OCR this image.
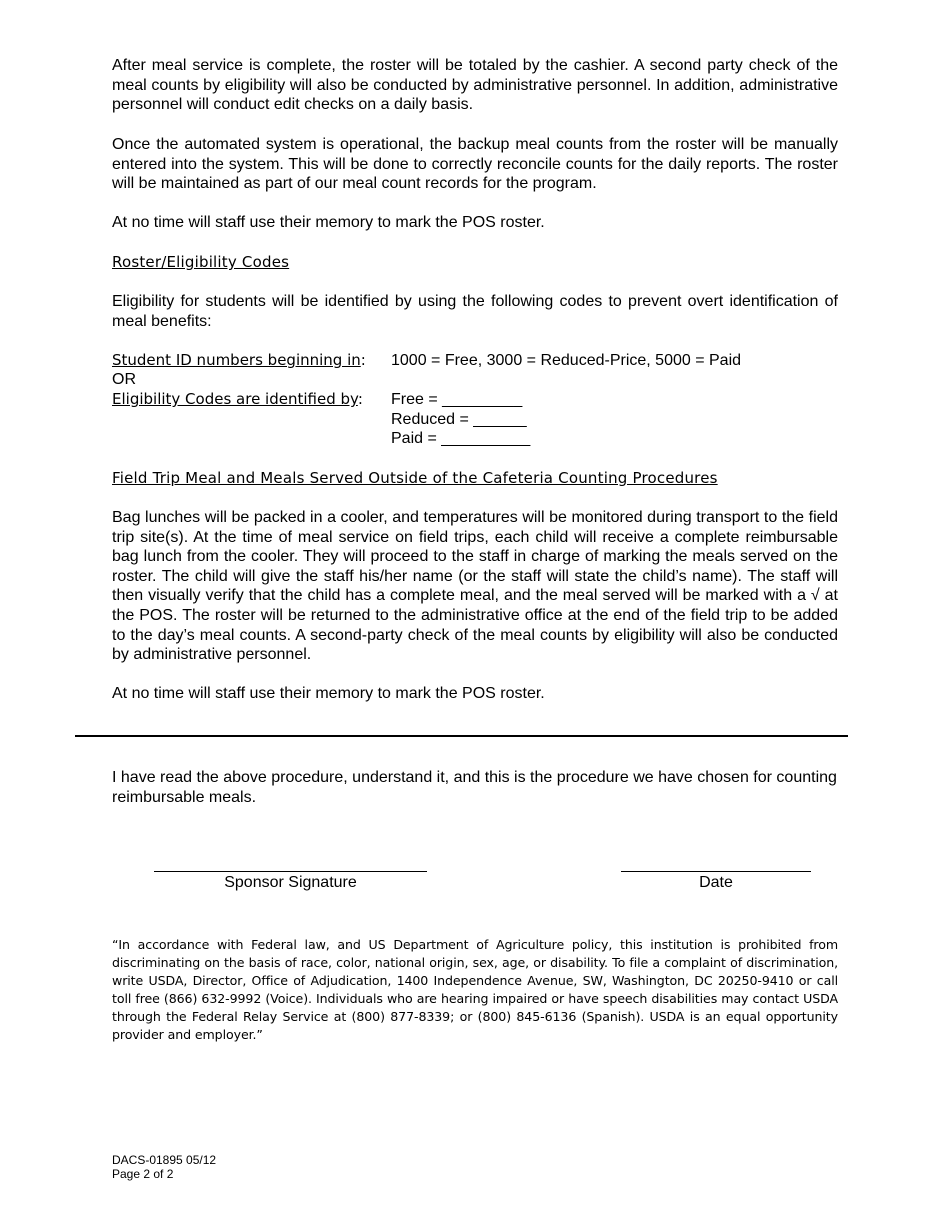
After meal service is complete, the roster will be totaled by the cashier. A second party check of the meal counts by eligibility will also be conducted by administrative personnel. In addition, administrative personnel will conduct edit checks on a daily basis.

Once the automated system is operational, the backup meal counts from the roster will be manually entered into the system. This will be done to correctly reconcile counts for the daily reports. The roster will be maintained as part of our meal count records for the program.

At no time will staff use their memory to mark the POS roster.

Roster/Eligibility Codes

Eligibility for students will be identified by using the following codes to prevent overt identification of meal benefits:

Student ID numbers beginning in: 1000 = Free, 3000 = Reduced-Price, 5000 = Paid
OR
Eligibility Codes are identified by: Free = _________
Reduced = ______
Paid = __________
Field Trip Meal and Meals Served Outside of the Cafeteria Counting Procedures

Bag lunches will be packed in a cooler, and temperatures will be monitored during transport to the field trip site(s). At the time of meal service on field trips, each child will receive a complete reimbursable bag lunch from the cooler. They will proceed to the staff in charge of marking the meals served on the roster. The child will give the staff his/her name (or the staff will state the child’s name). The staff will then visually verify that the child has a complete meal, and the meal served will be marked with a √ at the POS. The roster will be returned to the administrative office at the end of the field trip to be added to the day’s meal counts. A second-party check of the meal counts by eligibility will also be conducted by administrative personnel.

At no time will staff use their memory to mark the POS roster.

I have read the above procedure, understand it, and this is the procedure we have chosen for counting reimbursable meals.

Sponsor Signature	Date

“In accordance with Federal law, and US Department of Agriculture policy, this institution is prohibited from discriminating on the basis of race, color, national origin, sex, age, or disability. To file a complaint of discrimination, write USDA, Director, Office of Adjudication, 1400 Independence Avenue, SW, Washington, DC 20250-9410 or call toll free (866) 632-9992 (Voice). Individuals who are hearing impaired or have speech disabilities may contact USDA through the Federal Relay Service at (800) 877-8339; or (800) 845-6136 (Spanish). USDA is an equal opportunity provider and employer.”

DACS-01895 05/12
Page 2 of 2
